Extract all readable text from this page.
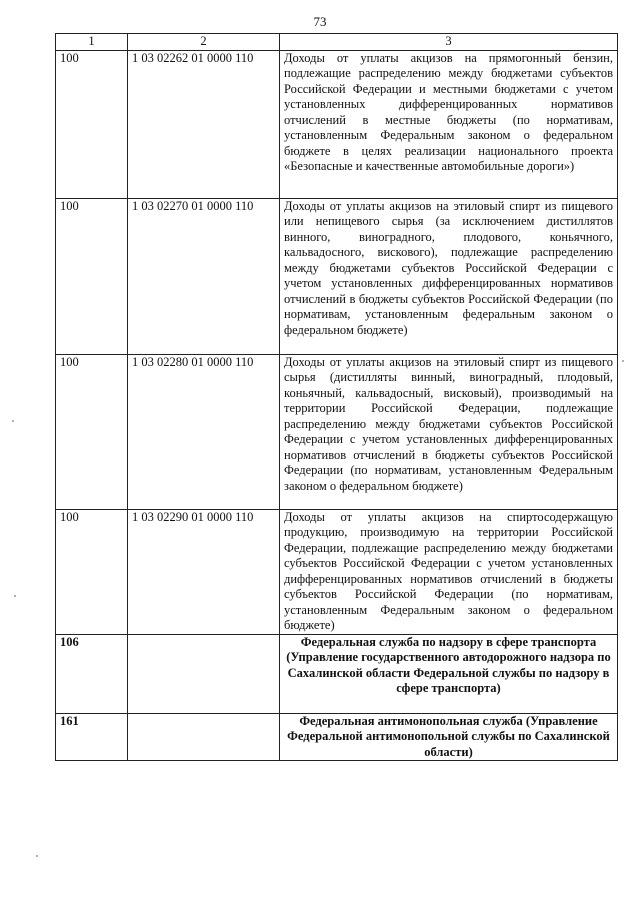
73
1	2	3
100	1 03 02262 01 0000 110	Доходы от уплаты акцизов на прямогонный бензин, подлежащие распределению между бюджетами субъектов Российской Федерации и местными бюджетами с учетом установленных дифференцированных нормативов отчислений в местные бюджеты (по нормативам, установленным Федеральным законом о федеральном бюджете в целях реализации национального проекта «Безопасные и качественные автомобильные дороги»)
100	1 03 02270 01 0000 110	Доходы от уплаты акцизов на этиловый спирт из пищевого или непищевого сырья (за исключением дистиллятов винного, виноградного, плодового, коньячного, кальвадосного, вискового), подлежащие распределению между бюджетами субъектов Российской Федерации с учетом установленных дифференцированных нормативов отчислений в бюджеты субъектов Российской Федерации (по нормативам, установленным федеральным законом о федеральном бюджете)
100	1 03 02280 01 0000 110	Доходы от уплаты акцизов на этиловый спирт из пищевого сырья (дистилляты винный, виноградный, плодовый, коньячный, кальвадосный, висковый), производимый на территории Российской Федерации, подлежащие распределению между бюджетами субъектов Российской Федерации с учетом установленных дифференцированных нормативов отчислений в бюджеты субъектов Российской Федерации (по нормативам, установленным Федеральным законом о федеральном бюджете)
100	1 03 02290 01 0000 110	Доходы от уплаты акцизов на спиртосодержащую продукцию, производимую на территории Российской Федерации, подлежащие распределению между бюджетами субъектов Российской Федерации с учетом установленных дифференцированных нормативов отчислений в бюджеты субъектов Российской Федерации (по нормативам, установленным Федеральным законом о федеральном бюджете)
106		Федеральная служба по надзору в сфере транспорта (Управление государственного автодорожного надзора по Сахалинской области Федеральной службы по надзору в сфере транспорта)
161		Федеральная антимонопольная служба (Управление Федеральной антимонопольной службы по Сахалинской области)
